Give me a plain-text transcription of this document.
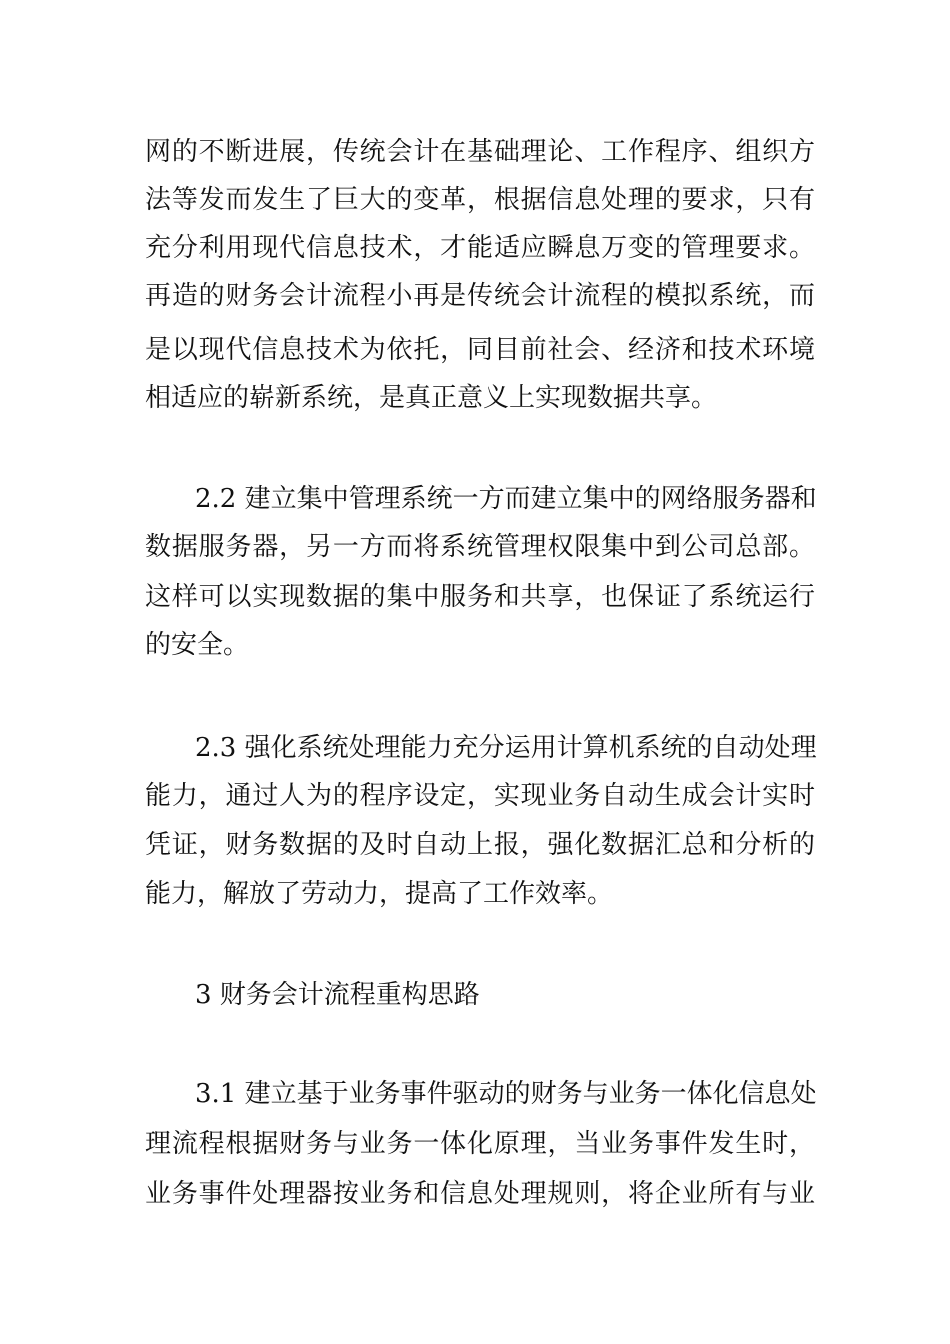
网的不断进展，传统会计在基础理论、工作程序、组织方
法等发而发生了巨大的变革，根据信息处理的要求，只有
充分利用现代信息技术，才能适应瞬息万变的管理要求。
再造的财务会计流程小再是传统会计流程的模拟系统，而
是以现代信息技术为依托，同目前社会、经济和技术环境
相适应的崭新系统，是真正意义上实现数据共享。
2.2 建立集中管理系统一方而建立集中的网络服务器和
数据服务器，另一方而将系统管理权限集中到公司总部。
这样可以实现数据的集中服务和共享，也保证了系统运行
的安全。
2.3 强化系统处理能力充分运用计算机系统的自动处理
能力，通过人为的程序设定，实现业务自动生成会计实时
凭证，财务数据的及时自动上报，强化数据汇总和分析的
能力，解放了劳动力，提高了工作效率。
3 财务会计流程重构思路
3.1 建立基于业务事件驱动的财务与业务一体化信息处
理流程根据财务与业务一体化原理，当业务事件发生时，
业务事件处理器按业务和信息处理规则，将企业所有与业
